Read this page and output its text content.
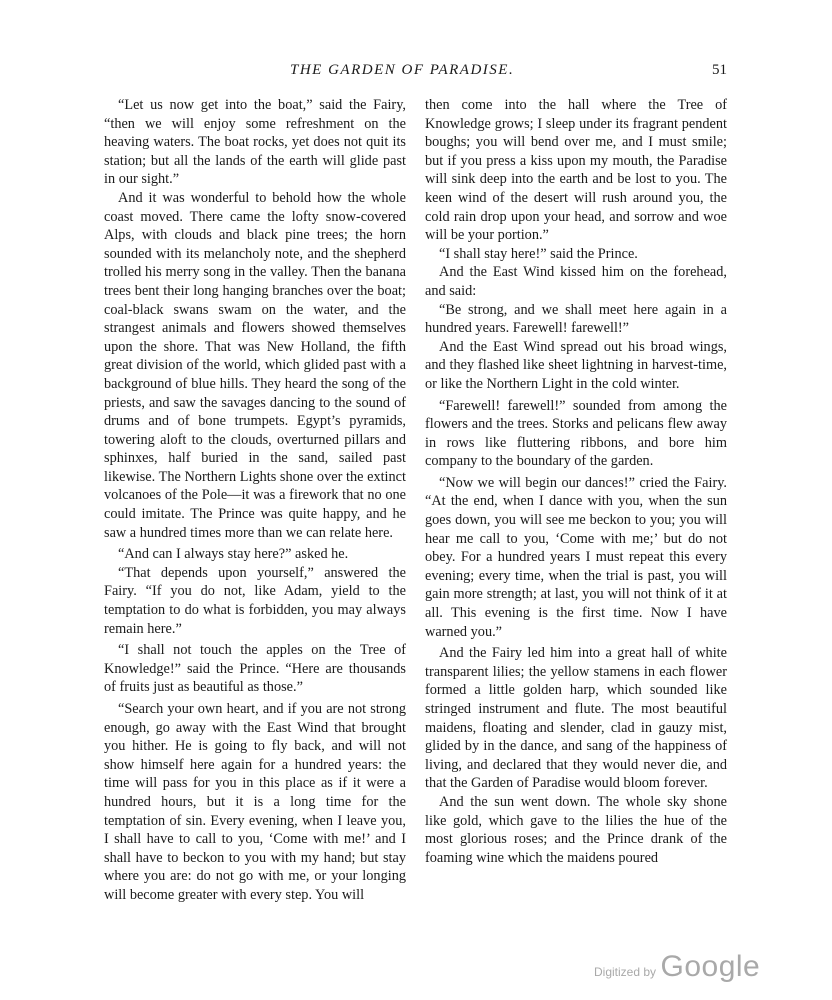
THE GARDEN OF PARADISE.	51

“Let us now get into the boat,” said the Fairy, “then we will enjoy some refreshment on the heaving waters. The boat rocks, yet does not quit its station; but all the lands of the earth will glide past in our sight.”

And it was wonderful to behold how the whole coast moved. There came the lofty snow-covered Alps, with clouds and black pine trees; the horn sounded with its melancholy note, and the shepherd trolled his merry song in the valley. Then the banana trees bent their long hanging branches over the boat; coal-black swans swam on the water, and the strangest animals and flowers showed themselves upon the shore. That was New Holland, the fifth great division of the world, which glided past with a background of blue hills. They heard the song of the priests, and saw the savages dancing to the sound of drums and of bone trumpets. Egypt’s pyramids, towering aloft to the clouds, overturned pillars and sphinxes, half buried in the sand, sailed past likewise. The Northern Lights shone over the extinct volcanoes of the Pole—it was a firework that no one could imitate. The Prince was quite happy, and he saw a hundred times more than we can relate here.

“And can I always stay here?” asked he.

“That depends upon yourself,” answered the Fairy. “If you do not, like Adam, yield to the temptation to do what is forbidden, you may always remain here.”

“I shall not touch the apples on the Tree of Knowledge!” said the Prince. “Here are thousands of fruits just as beautiful as those.”

“Search your own heart, and if you are not strong enough, go away with the East Wind that brought you hither. He is going to fly back, and will not show himself here again for a hundred years: the time will pass for you in this place as if it were a hundred hours, but it is a long time for the temptation of sin. Every evening, when I leave you, I shall have to call to you, ‘Come with me!’ and I shall have to beckon to you with my hand; but stay where you are: do not go with me, or your longing will become greater with every step. You will

then come into the hall where the Tree of Knowledge grows; I sleep under its fragrant pendent boughs; you will bend over me, and I must smile; but if you press a kiss upon my mouth, the Paradise will sink deep into the earth and be lost to you. The keen wind of the desert will rush around you, the cold rain drop upon your head, and sorrow and woe will be your portion.”

“I shall stay here!” said the Prince.

And the East Wind kissed him on the forehead, and said:

“Be strong, and we shall meet here again in a hundred years. Farewell! farewell!”

And the East Wind spread out his broad wings, and they flashed like sheet lightning in harvest-time, or like the Northern Light in the cold winter.

“Farewell! farewell!” sounded from among the flowers and the trees. Storks and pelicans flew away in rows like fluttering ribbons, and bore him company to the boundary of the garden.

“Now we will begin our dances!” cried the Fairy. “At the end, when I dance with you, when the sun goes down, you will see me beckon to you; you will hear me call to you, ‘Come with me;’ but do not obey. For a hundred years I must repeat this every evening; every time, when the trial is past, you will gain more strength; at last, you will not think of it at all. This evening is the first time. Now I have warned you.”

And the Fairy led him into a great hall of white transparent lilies; the yellow stamens in each flower formed a little golden harp, which sounded like stringed instrument and flute. The most beautiful maidens, floating and slender, clad in gauzy mist, glided by in the dance, and sang of the happiness of living, and declared that they would never die, and that the Garden of Paradise would bloom forever.

And the sun went down. The whole sky shone like gold, which gave to the lilies the hue of the most glorious roses; and the Prince drank of the foaming wine which the maidens poured

Digitized by Google
